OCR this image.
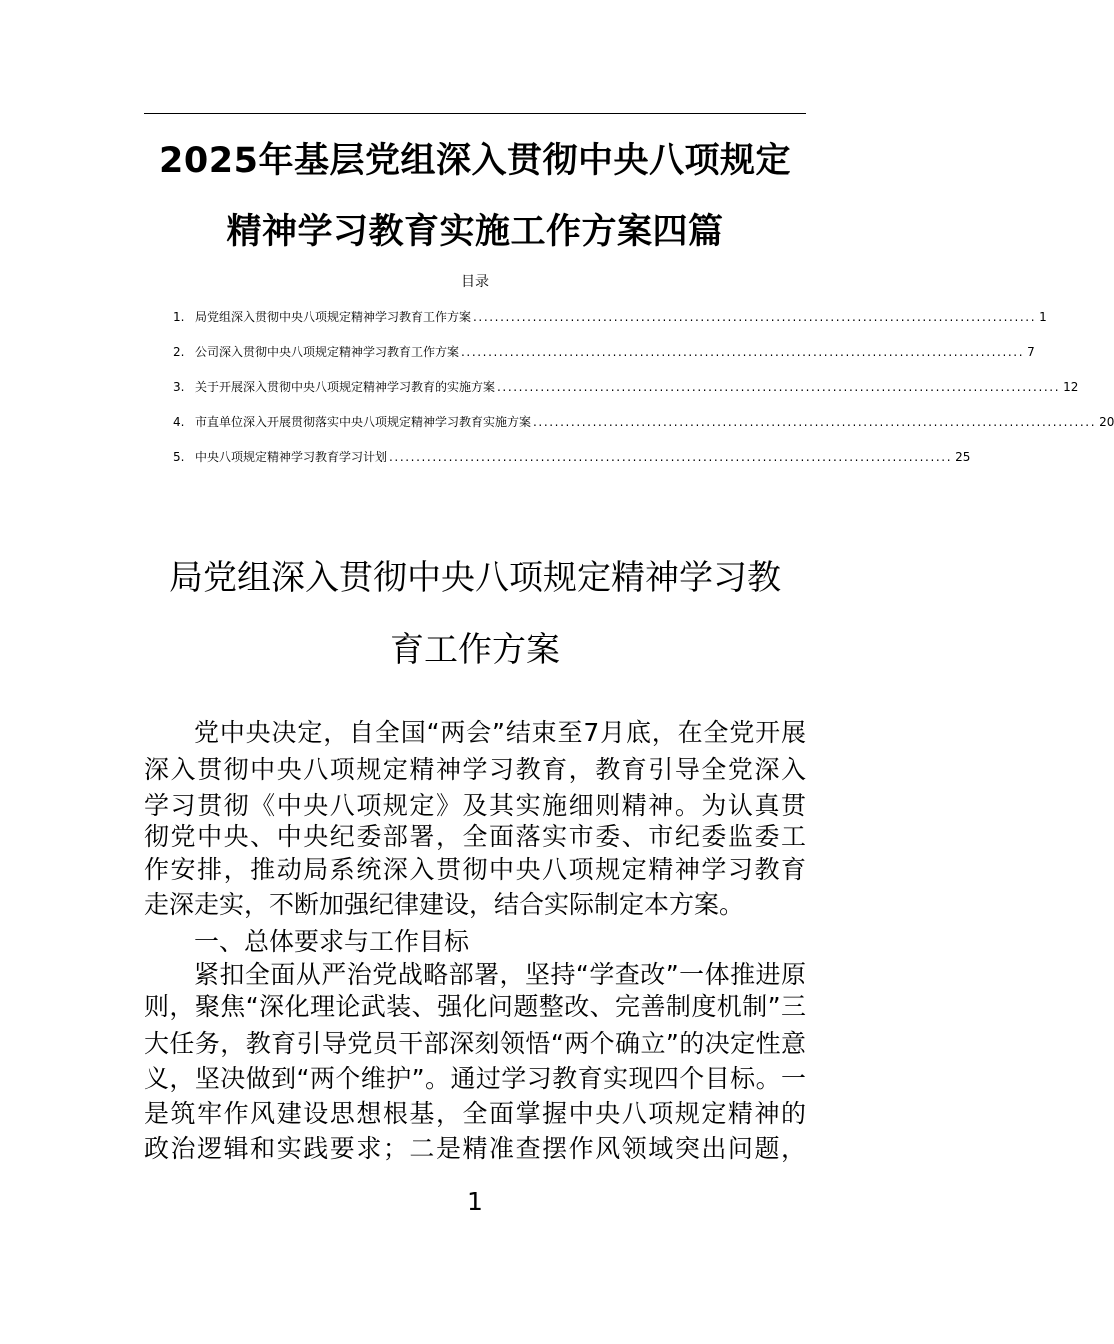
2025年基层党组深入贯彻中央八项规定
精神学习教育实施工作方案四篇
目录
1. 局党组深入贯彻中央八项规定精神学习教育工作方案 ........................................................................................................ 1
2. 公司深入贯彻中央八项规定精神学习教育工作方案 ........................................................................................................ 7
3. 关于开展深入贯彻中央八项规定精神学习教育的实施方案 ........................................................................................................ 12
4. 市直单位深入开展贯彻落实中央八项规定精神学习教育实施方案 ........................................................................................................ 20
5. 中央八项规定精神学习教育学习计划 ........................................................................................................ 25
局党组深入贯彻中央八项规定精神学习教
育工作方案
党中央决定，自全国“两会”结束至7月底，在全党开展
深入贯彻中央八项规定精神学习教育，教育引导全党深入
学习贯彻《中央八项规定》及其实施细则精神。为认真贯
彻党中央、中央纪委部署，全面落实市委、市纪委监委工
作安排，推动局系统深入贯彻中央八项规定精神学习教育
走深走实，不断加强纪律建设，结合实际制定本方案。
一、总体要求与工作目标
紧扣全面从严治党战略部署，坚持“学查改”一体推进原
则，聚焦“深化理论武装、强化问题整改、完善制度机制”三
大任务，教育引导党员干部深刻领悟“两个确立”的决定性意
义，坚决做到“两个维护”。通过学习教育实现四个目标。一
是筑牢作风建设思想根基，全面掌握中央八项规定精神的
政治逻辑和实践要求；二是精准查摆作风领域突出问题，
1
